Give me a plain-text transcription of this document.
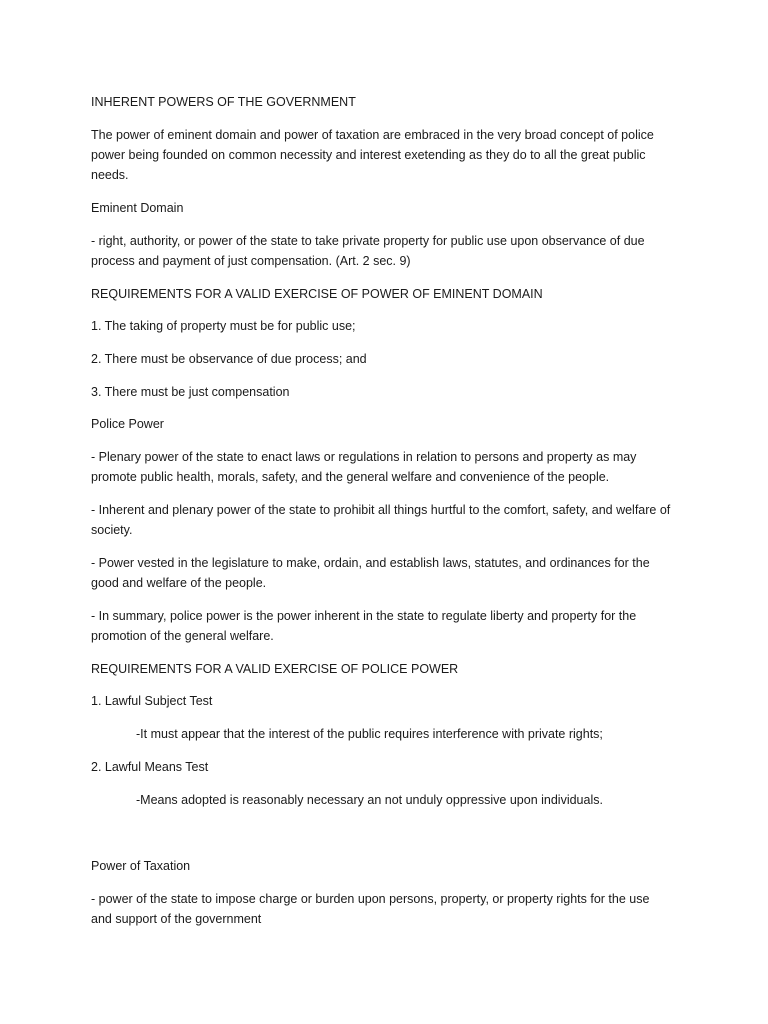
INHERENT POWERS OF THE GOVERNMENT

The power of eminent domain and power of taxation are embraced in the very broad concept of police power being founded on common necessity and interest exetending as they do to all the great public needs.

Eminent Domain

- right, authority, or power of the state to take private property for public use upon observance of due process and payment of just compensation. (Art. 2 sec. 9)

REQUIREMENTS FOR A VALID EXERCISE OF POWER OF EMINENT DOMAIN

1. The taking of property must be for public use;

2. There must be observance of due process; and

3. There must be just compensation

Police Power

- Plenary power of the state to enact laws or regulations in relation to persons and property as may promote public health, morals, safety, and the general welfare and convenience of the people.

- Inherent and plenary power of the state to prohibit all things hurtful to the comfort, safety, and welfare of society.

- Power vested in the legislature to make, ordain, and establish laws, statutes, and ordinances for the good and welfare of the people.

- In summary, police power is the power inherent in the state to regulate liberty and property for the promotion of the general welfare.

REQUIREMENTS FOR A VALID EXERCISE OF POLICE POWER

1. Lawful Subject Test

-It must appear that the interest of the public requires interference with private rights;

2. Lawful Means Test

-Means adopted is reasonably necessary an not unduly oppressive upon individuals.

Power of Taxation

- power of the state to impose charge or burden upon persons, property, or property rights for the use and support of the government
